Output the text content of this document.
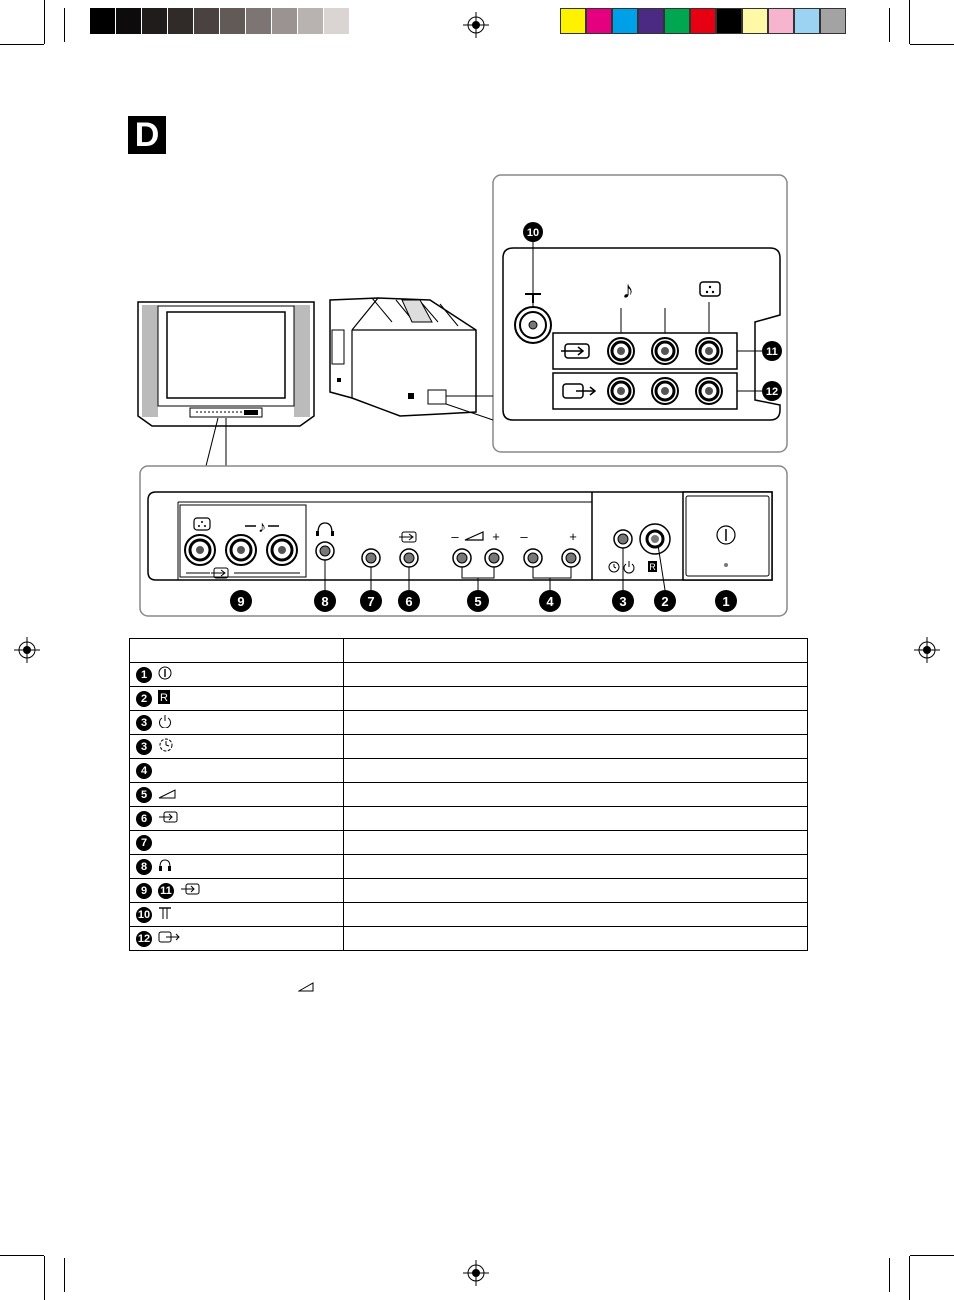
D
♪
10
11
12
♪
–	+ –	+
R
9	8	7 6	5	4	3	2	1

1	
2 R	

3	
3	
4	
5	
6	
7	
8	
9 11	
10	
12	
